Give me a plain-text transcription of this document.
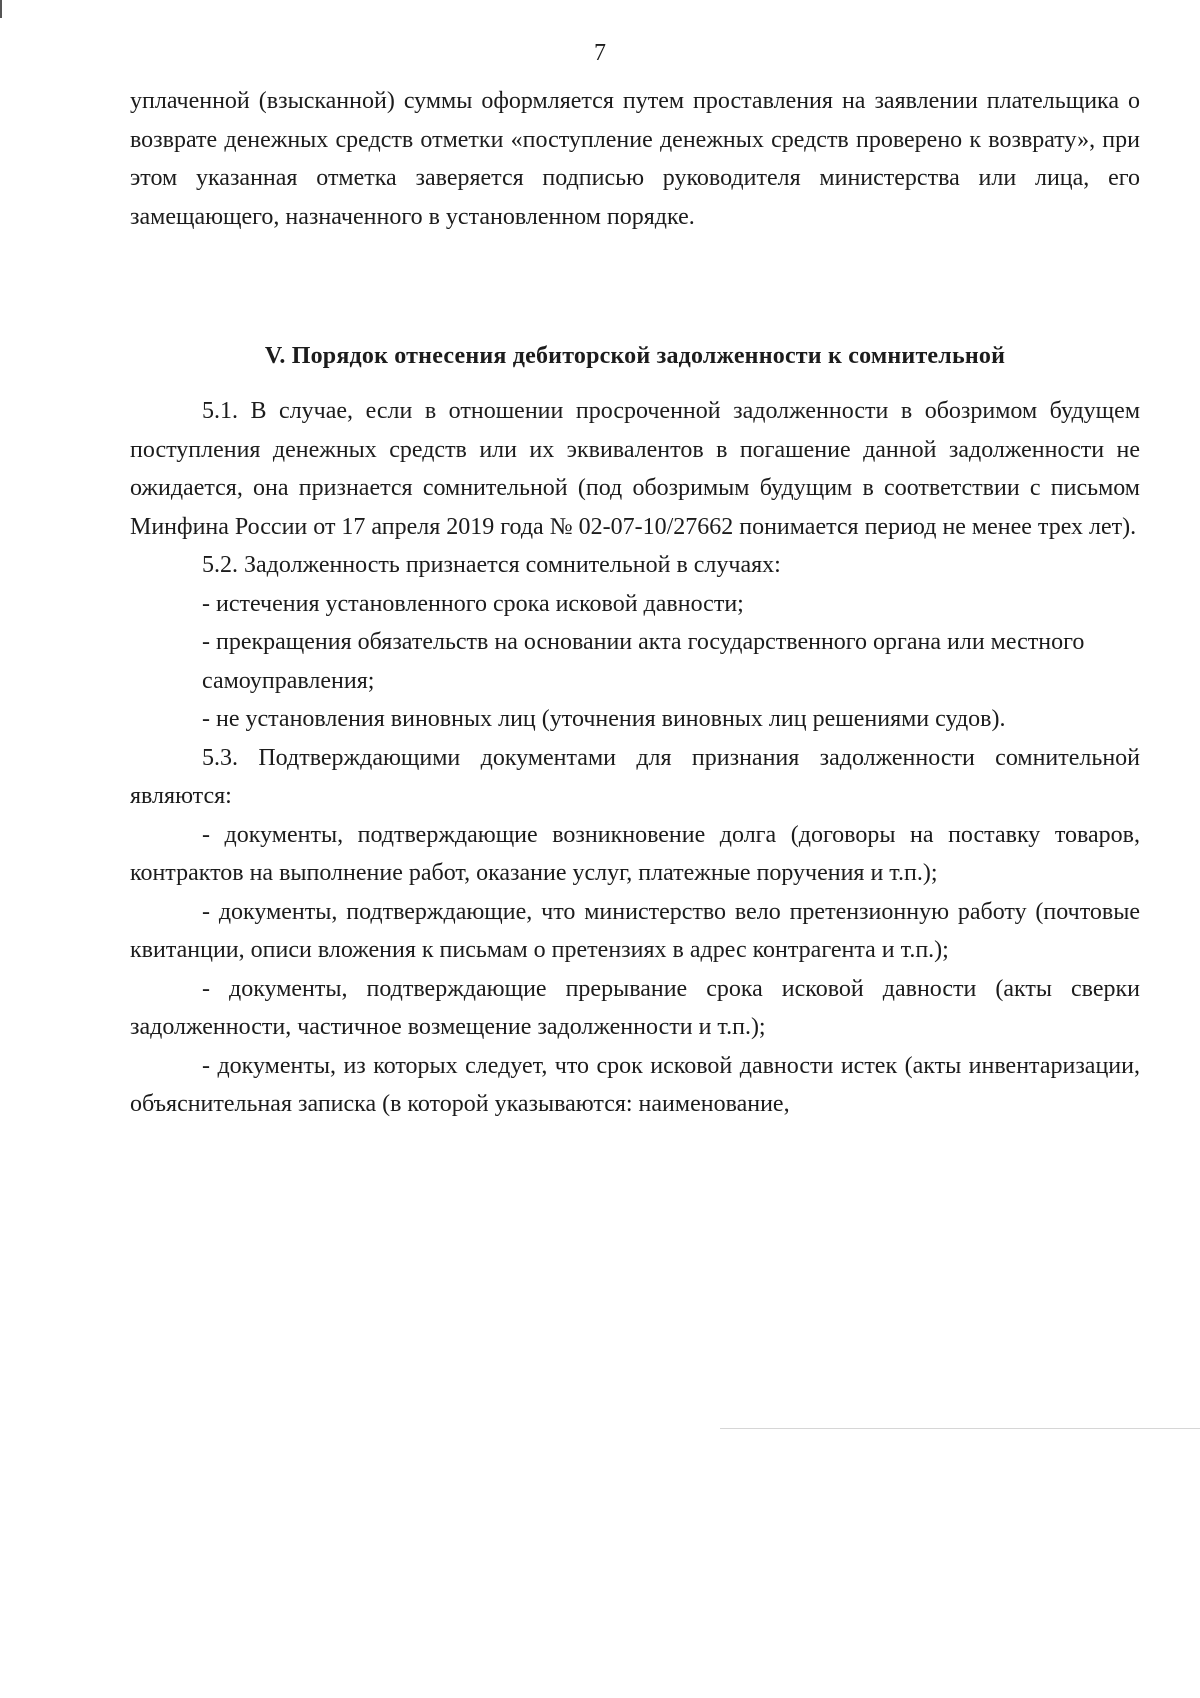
7

уплаченной (взысканной) суммы оформляется путем проставления на заявлении плательщика о возврате денежных средств отметки «поступление денежных средств проверено к возврату», при этом указанная отметка заверяется подписью руководителя министерства или лица, его замещающего, назначенного в установленном порядке.

V. Порядок отнесения дебиторской задолженности к сомнительной

5.1. В случае, если в отношении просроченной задолженности в обозримом будущем поступления денежных средств или их эквивалентов в погашение данной задолженности не ожидается, она признается сомнительной (под обозримым будущим в соответствии с письмом Минфина России от 17 апреля 2019 года № 02-07-10/27662 понимается период не менее трех лет).

5.2. Задолженность признается сомнительной в случаях:

- истечения установленного срока исковой давности;

- прекращения обязательств на основании акта государственного органа или местного самоуправления;

- не установления виновных лиц (уточнения виновных лиц решениями судов).

5.3. Подтверждающими документами для признания задолженности сомнительной являются:

- документы, подтверждающие возникновение долга (договоры на поставку товаров, контрактов на выполнение работ, оказание услуг, платежные поручения и т.п.);

- документы, подтверждающие, что министерство вело претензионную работу (почтовые квитанции, описи вложения к письмам о претензиях в адрес контрагента и т.п.);

- документы, подтверждающие прерывание срока исковой давности (акты сверки задолженности, частичное возмещение задолженности и т.п.);

- документы, из которых следует, что срок исковой давности истек (акты инвентаризации, объяснительная записка (в которой указываются: наименование,
